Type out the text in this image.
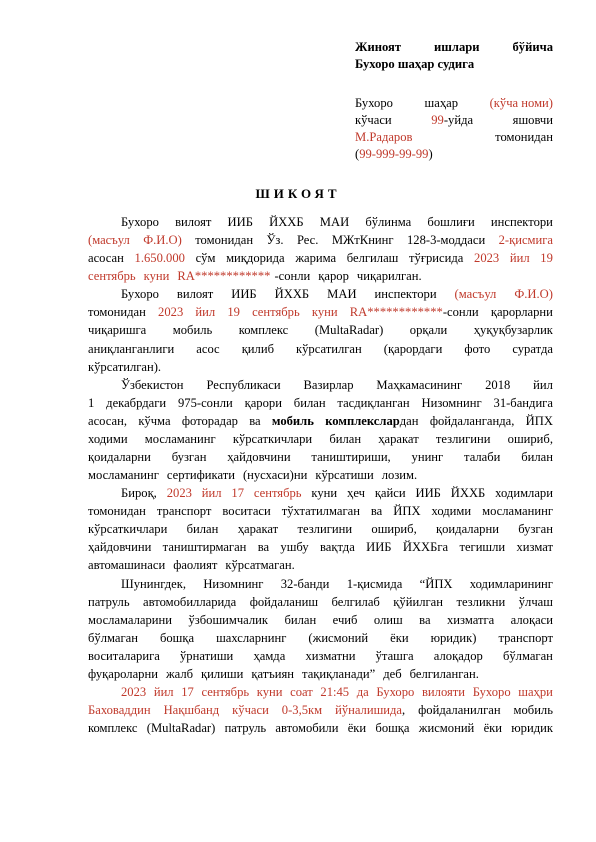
Жиноят	ишлари	бўйича
Бухоро шаҳар судига
Бухоро	шаҳар	(кўча номи)
кўчаси	99-уйда	яшовчи
М.Радаров	томонидан
(99-999-99-99)
ШИКОЯТ
Бухоро вилоят ИИБ ЙХХБ МАИ бўлинма бошлиғи инспектори
(масъул Ф.И.О) томонидан Ўз. Рес. МЖтКнинг 128-3-моддаси 2-қисмига
асосан 1.650.000 сўм миқдорида жарима белгилаш тўғрисида 2023 йил 19
сентябрь куни RA************ -сонли қарор чиқарилган.
Бухоро вилоят ИИБ ЙХХБ МАИ инспектори (масъул Ф.И.О)
томонидан 2023 йил 19 сентябрь куни RA************-сонли қарорларни
чиқаришга мобиль комплекс (MultaRadar) орқали ҳуқуқбузарлик
аниқланганлиги асос қилиб кўрсатилган (қарордаги фото суратда
кўрсатилган).
Ўзбекистон Республикаси Вазирлар Маҳкамасининг 2018 йил
1 декабрдаги 975-сонли қарори билан тасдиқланган Низомнинг 31-бандига
асосан, кўчма фоторадар ва мобиль комплекслардан фойдаланганда, ЙПХ
ходими мосламанинг кўрсаткичлари билан ҳаракат тезлигини ошириб,
қоидаларни бузган ҳайдовчини таништириши, унинг талаби билан
мосламанинг сертификати (нусхаси)ни кўрсатиши лозим.
Бироқ, 2023 йил 17 сентябрь куни ҳеч қайси ИИБ ЙХХБ ходимлари
томонидан транспорт воситаси тўхтатилмаган ва ЙПХ ходими мосламанинг
кўрсаткичлари билан ҳаракат тезлигини ошириб, қоидаларни бузган
ҳайдовчини таништирмаган ва ушбу вақтда ИИБ ЙХХБга тегишли хизмат
автомашинаси фаолият кўрсатмаган.
Шунингдек, Низомнинг 32-банди 1-қисмида “ЙПХ ходимларининг
патруль автомобилларида фойдаланиш белгилаб қўйилган тезликни ўлчаш
мосламаларини ўзбошимчалик билан ечиб олиш ва хизматга алоқаси
бўлмаган бошқа шахсларнинг (жисмоний ёки юридик) транспорт
воситаларига ўрнатиши ҳамда хизматни ўташга алоқадор бўлмаган
фуқароларни жалб қилиши қатъиян тақиқланади” деб белгиланган.
2023 йил 17 сентябрь куни соат 21:45 да Бухоро вилояти Бухоро шаҳри
Баховаддин Нақшбанд кўчаси 0-3,5км йўналишида, фойдаланилган мобиль
комплекс (MultaRadar) патруль автомобили ёки бошқа жисмоний ёки юридик
